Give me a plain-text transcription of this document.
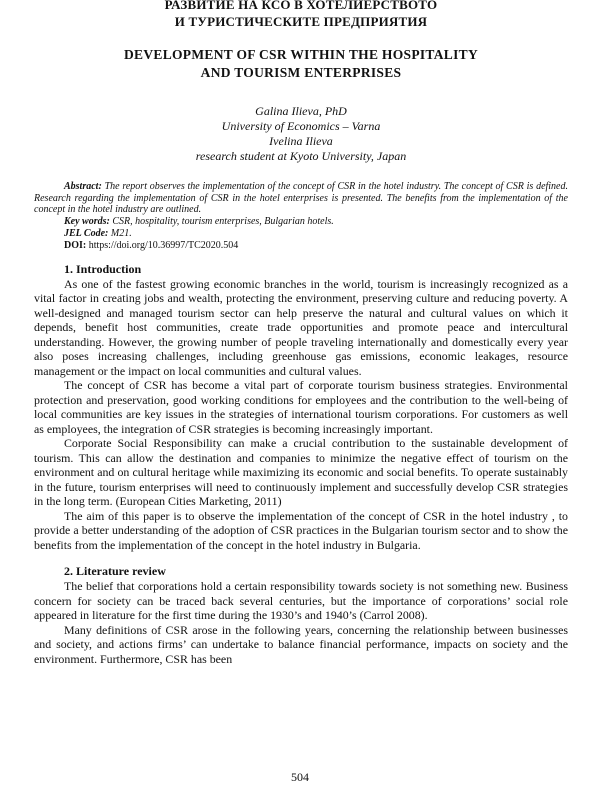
РАЗВИТИЕ НА КСО В ХОТЕЛИЕРСТВОТО
И ТУРИСТИЧЕСКИТЕ ПРЕДПРИЯТИЯ
DEVELOPMENT OF CSR WITHIN THE HOSPITALITY
AND TOURISM ENTERPRISES
Galina Ilieva, PhD
University of Economics – Varna
Ivelina Ilieva
research student at Kyoto University, Japan
Abstract: The report observes the implementation of the concept of CSR in the hotel industry. The concept of CSR is defined. Research regarding the implementation of CSR in the hotel enterprises is presented. The benefits from the implementation of the concept in the hotel industry are outlined.
Key words: CSR, hospitality, tourism enterprises, Bulgarian hotels.
JEL Code: M21.
DOI: https://doi.org/10.36997/TC2020.504
1. Introduction

As one of the fastest growing economic branches in the world, tourism is increasingly recognized as a vital factor in creating jobs and wealth, protecting the environment, preserving culture and reducing poverty. A well-designed and managed tourism sector can help preserve the natural and cultural values on which it depends, benefit host communities, create trade opportunities and promote peace and intercultural understanding. However, the growing number of people traveling internationally and domestically every year also poses increasing challenges, including greenhouse gas emissions, economic leakages, resource management or the impact on local communities and cultural values.

The concept of CSR has become a vital part of corporate tourism business strategies. Environmental protection and preservation, good working conditions for employees and the contribution to the well-being of local communities are key issues in the strategies of international tourism corporations. For customers as well as employees, the integration of CSR strategies is becoming increasingly important.

Corporate Social Responsibility can make a crucial contribution to the sustainable development of tourism. This can allow the destination and companies to minimize the negative effect of tourism on the environment and on cultural heritage while maximizing its economic and social benefits. To operate sustainably in the future, tourism enterprises will need to continuously implement and successfully develop CSR strategies in the long term. (European Cities Marketing, 2011)

The aim of this paper is to observe the implementation of the concept of CSR in the hotel industry , to provide a better understanding of the adoption of CSR practices in the Bulgarian tourism sector and to show the benefits from the implementation of the concept in the hotel industry in Bulgaria.

2. Literature review

The belief that corporations hold a certain responsibility towards society is not something new. Business concern for society can be traced back several centuries, but the importance of corporations’ social role appeared in literature for the first time during the 1930’s and 1940’s (Carrol 2008).

Many definitions of CSR arose in the following years, concerning the relationship between businesses and society, and actions firms’ can undertake to balance financial performance, impacts on society and the environment. Furthermore, CSR has been

504
